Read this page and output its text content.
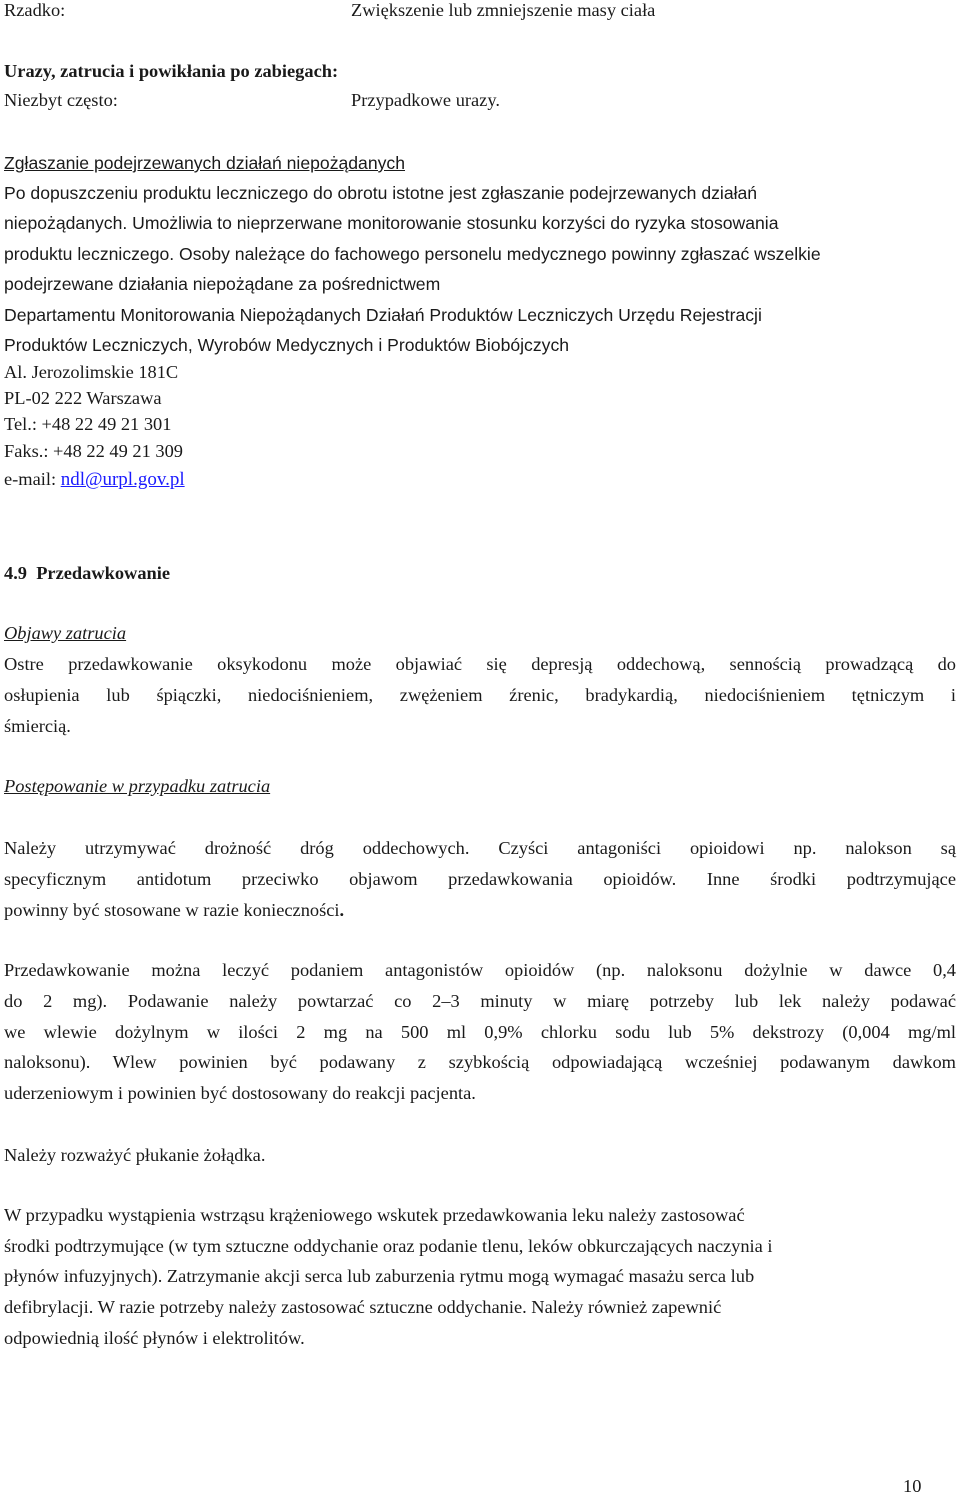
Rzadko:	Zwiększenie lub zmniejszenie masy ciała
Urazy, zatrucia i powikłania po zabiegach:
Niezbyt często:	Przypadkowe urazy.
Zgłaszanie podejrzewanych działań niepożądanych
Po dopuszczeniu produktu leczniczego do obrotu istotne jest zgłaszanie podejrzewanych działań
niepożądanych. Umożliwia to nieprzerwane monitorowanie stosunku korzyści do ryzyka stosowania
produktu leczniczego. Osoby należące do fachowego personelu medycznego powinny zgłaszać wszelkie
podejrzewane działania niepożądane za pośrednictwem
Departamentu Monitorowania Niepożądanych Działań Produktów Leczniczych Urzędu Rejestracji
Produktów Leczniczych, Wyrobów Medycznych i Produktów Biobójczych
Al. Jerozolimskie 181C
PL-02 222 Warszawa
Tel.: +48 22 49 21 301
Faks.: +48 22 49 21 309
e-mail: ndl@urpl.gov.pl
4.9 Przedawkowanie
Objawy zatrucia
Ostre przedawkowanie oksykodonu może objawiać się depresją oddechową, sennością prowadzącą do
osłupienia lub śpiączki, niedociśnieniem, zwężeniem źrenic, bradykardią, niedociśnieniem tętniczym i
śmiercią.
Postępowanie w przypadku zatrucia
Należy utrzymywać drożność dróg oddechowych. Czyści antagoniści opioidowi np. nalokson są
specyficznym antidotum przeciwko objawom przedawkowania opioidów. Inne środki podtrzymujące
powinny być stosowane w razie konieczności.
Przedawkowanie można leczyć podaniem antagonistów opioidów (np. naloksonu dożylnie w dawce 0,4
do 2 mg). Podawanie należy powtarzać co 2–3 minuty w miarę potrzeby lub lek należy podawać
we wlewie dożylnym w ilości 2 mg na 500 ml 0,9% chlorku sodu lub 5% dekstrozy (0,004 mg/ml
naloksonu). Wlew powinien być podawany z szybkością odpowiadającą wcześniej podawanym dawkom
uderzeniowym i powinien być dostosowany do reakcji pacjenta.
Należy rozważyć płukanie żołądka.
W przypadku wystąpienia wstrząsu krążeniowego wskutek przedawkowania leku należy zastosować
środki podtrzymujące (w tym sztuczne oddychanie oraz podanie tlenu, leków obkurczających naczynia i
płynów infuzyjnych). Zatrzymanie akcji serca lub zaburzenia rytmu mogą wymagać masażu serca lub
defibrylacji. W razie potrzeby należy zastosować sztuczne oddychanie. Należy również zapewnić
odpowiednią ilość płynów i elektrolitów.
10
